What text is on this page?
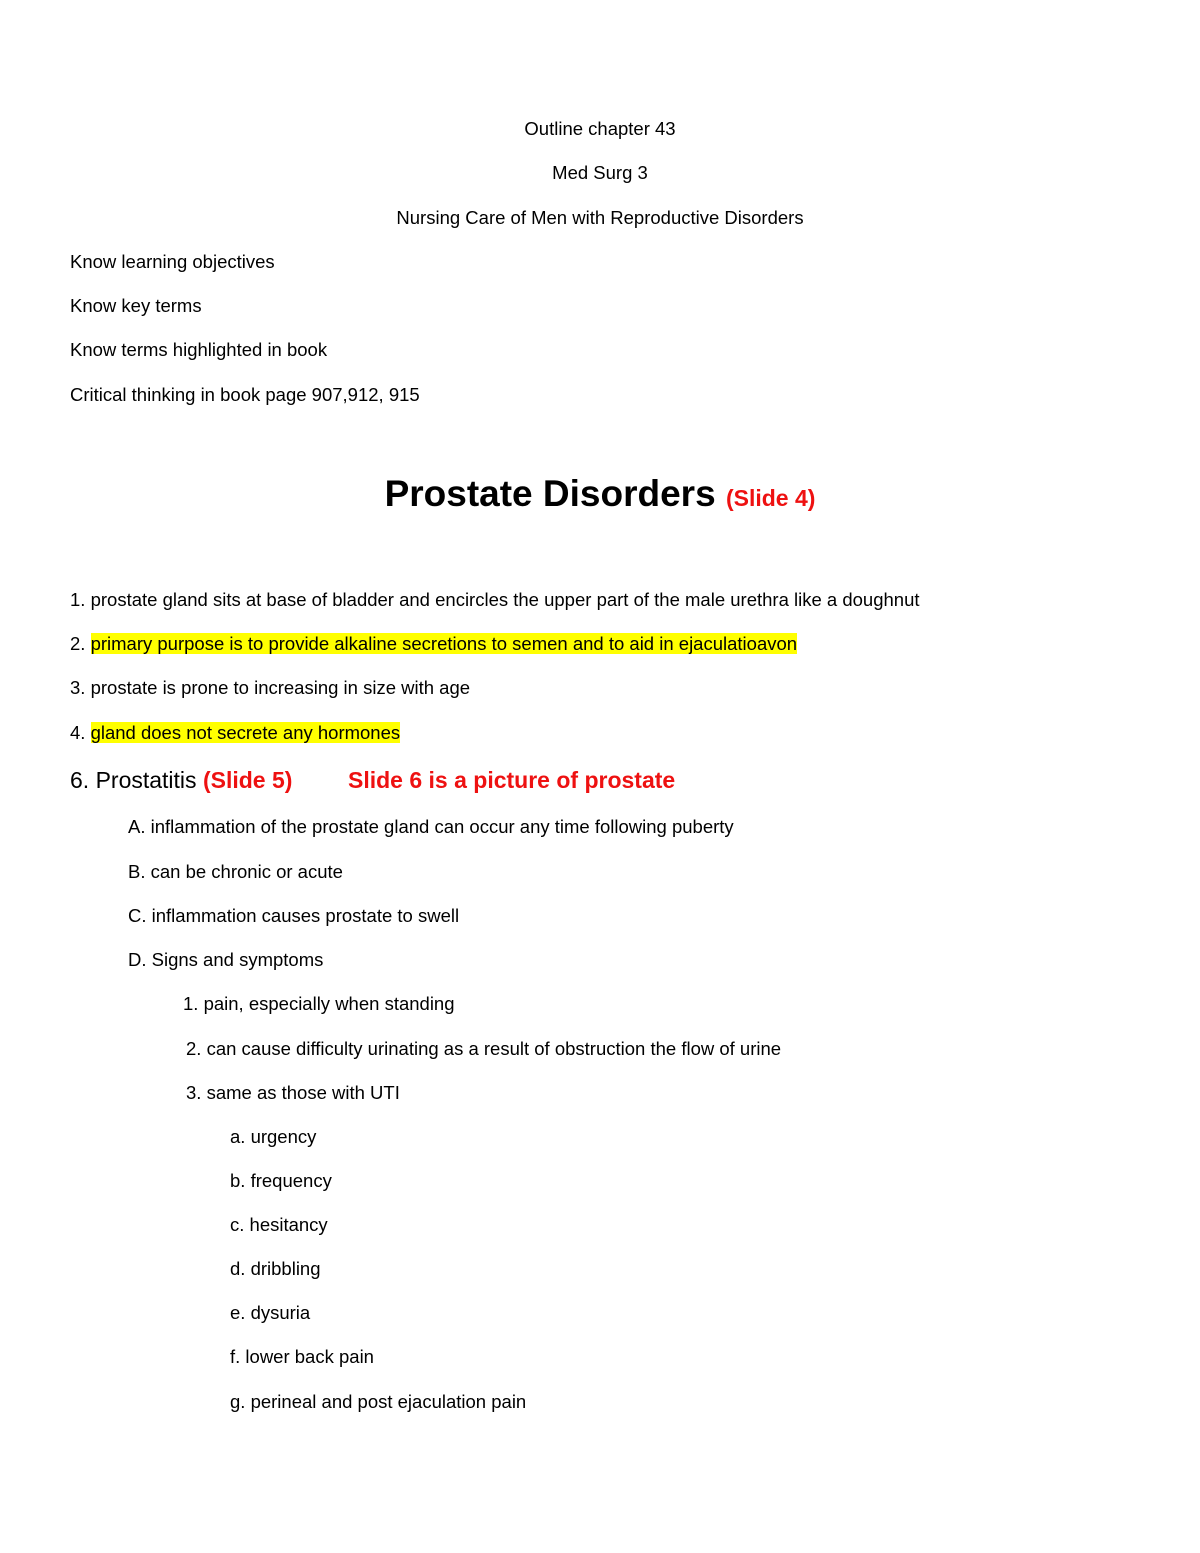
Outline chapter 43
Med Surg 3
Nursing Care of Men with Reproductive Disorders
Know learning objectives
Know key terms
Know terms highlighted in book
Critical thinking in book page 907,912, 915
Prostate Disorders (Slide 4)
1. prostate gland sits at base of bladder and encircles the upper part of the male urethra like a doughnut
2. primary purpose is to provide alkaline secretions to semen and to aid in ejaculatioavon
3. prostate is prone to increasing in size with age
4. gland does not secrete any hormones
6. Prostatitis (Slide 5) Slide 6 is a picture of prostate
A. inflammation of the prostate gland can occur any time following puberty
B. can be chronic or acute
C. inflammation causes prostate to swell
D. Signs and symptoms
1. pain, especially when standing
2. can cause difficulty urinating as a result of obstruction the flow of urine
3. same as those with UTI
a. urgency
b. frequency
c. hesitancy
d. dribbling
e. dysuria
f. lower back pain
g. perineal and post ejaculation pain
